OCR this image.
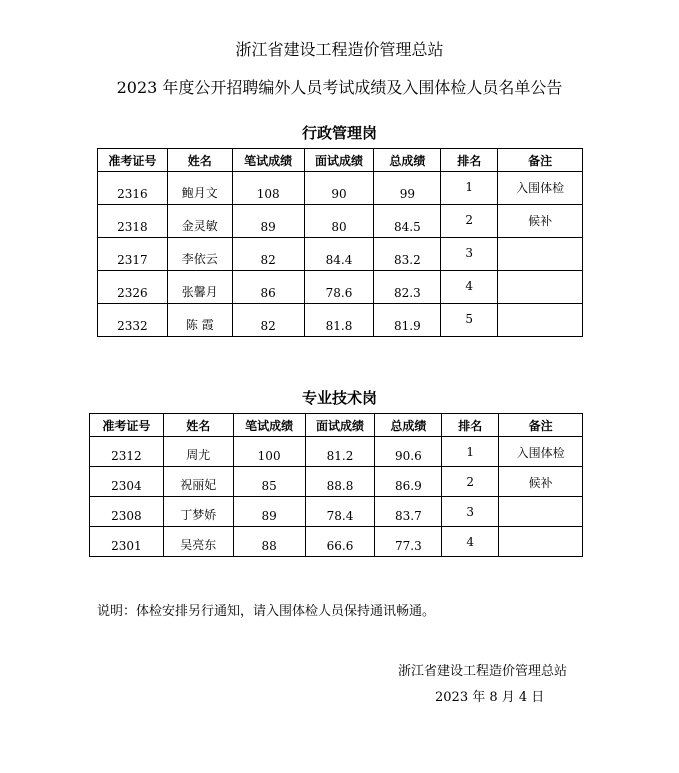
浙江省建设工程造价管理总站
2023 年度公开招聘编外人员考试成绩及入围体检人员名单公告
行政管理岗
准考证号	姓名	笔试成绩	面试成绩	总成绩	排名	备注
2316	鲍月文	108	90	99	1	入围体检
2318	金灵敏	89	80	84.5	2	候补
2317	李依云	82	84.4	83.2	3	
2326	张馨月	86	78.6	82.3	4	
2332	陈 霞	82	81.8	81.9	5	
专业技术岗
准考证号	姓名	笔试成绩	面试成绩	总成绩	排名	备注
2312	周尤	100	81.2	90.6	1	入围体检
2304	祝丽妃	85	88.8	86.9	2	候补
2308	丁梦娇	89	78.4	83.7	3	
2301	吴亮东	88	66.6	77.3	4	
说明：体检安排另行通知，请入围体检人员保持通讯畅通。
浙江省建设工程造价管理总站
2023 年 8 月 4 日
